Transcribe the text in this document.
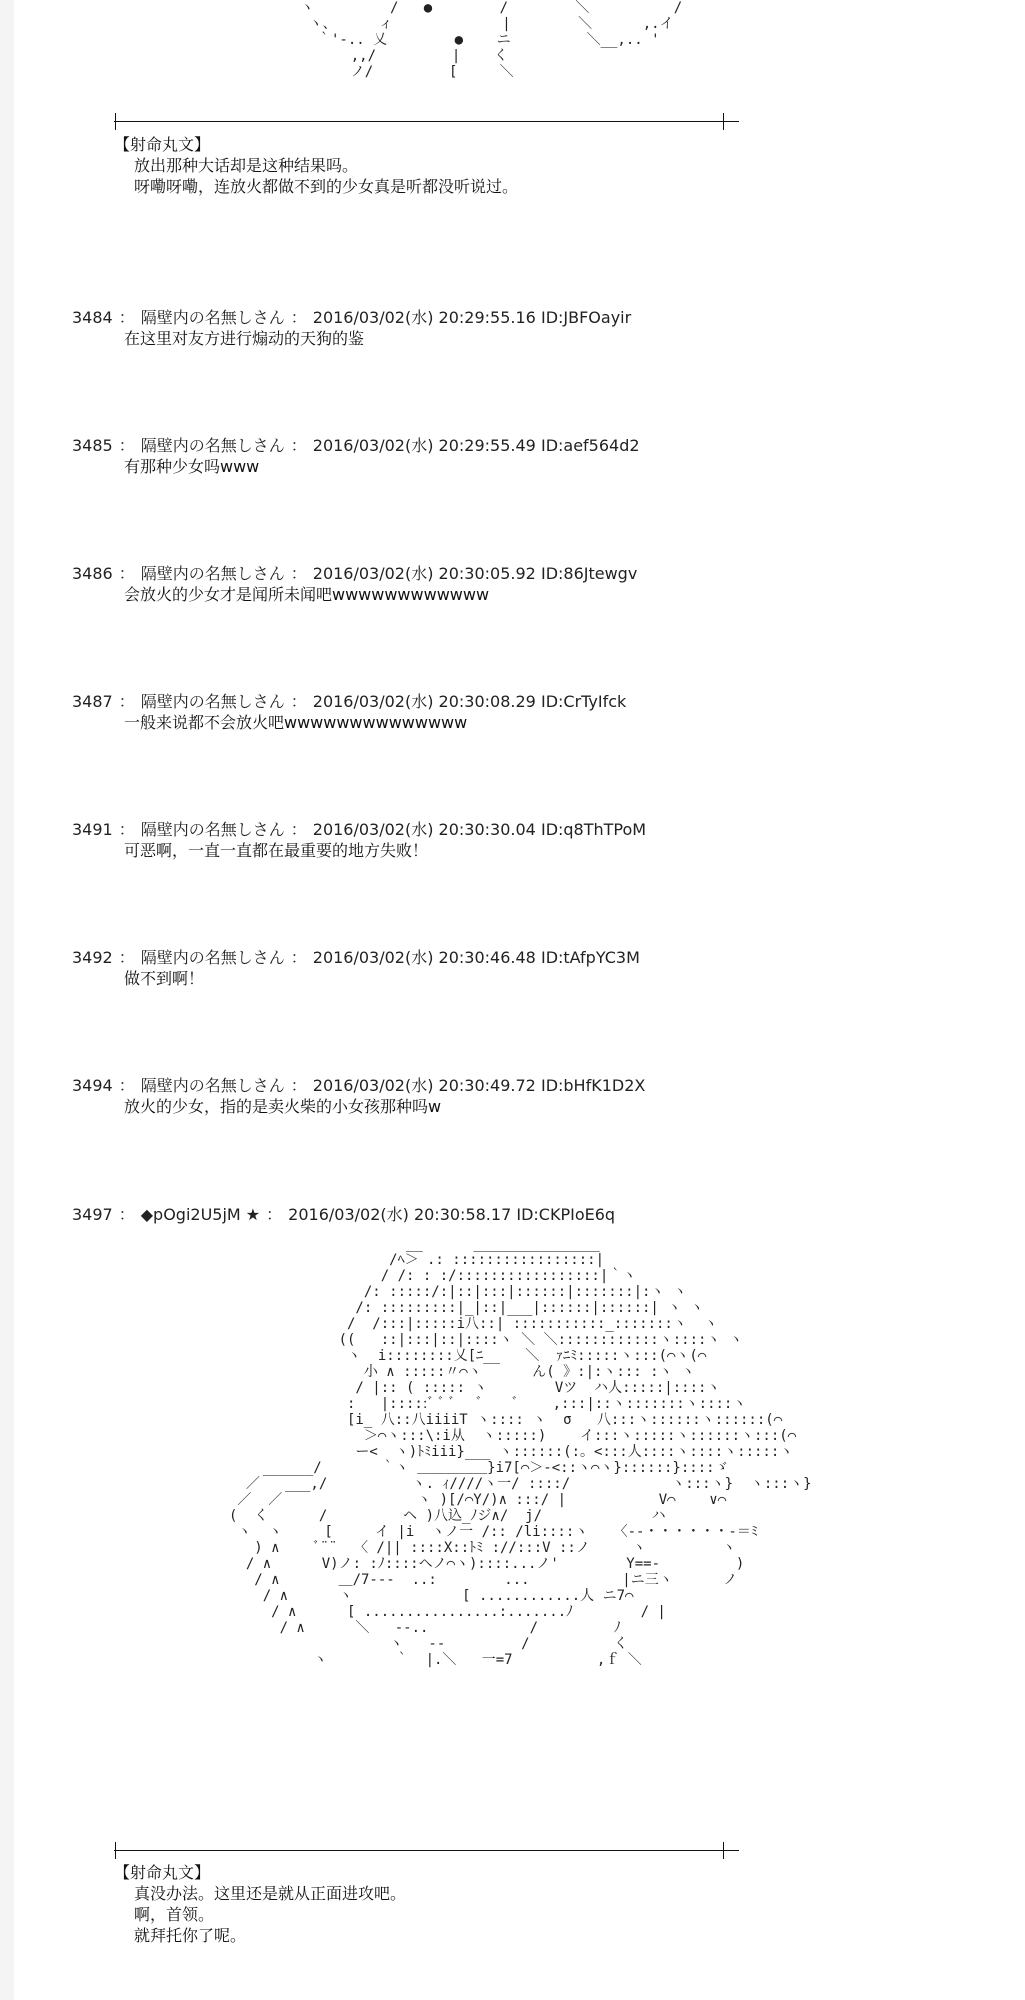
ヽ         /   ●        /        ＼          /
ヽ、     ィ             |        ＼      ,.イ
｀'‐.. 乂        ●    ニ         ＼__,.. '
,,/         |    く
ノ/         [     ＼
【射命丸文】
放出那种大话却是这种结果吗。
呀嘞呀嘞，连放火都做不到的少女真是听都没听说过。
3484 ： 隔壁内の名無しさん ： 2016/03/02(水) 20:29:55.16 ID:JBFOayir
在这里对友方进行煽动的天狗的鉴
3485 ： 隔壁内の名無しさん ： 2016/03/02(水) 20:29:55.49 ID:aef564d2
有那种少女吗www
3486 ： 隔壁内の名無しさん ： 2016/03/02(水) 20:30:05.92 ID:86Jtewgv
会放火的少女才是闻所未闻吧wwwwwwwwwwww
3487 ： 隔壁内の名無しさん ： 2016/03/02(水) 20:30:08.29 ID:CrTyIfck
一般来说都不会放火吧wwwwwwwwwwwwww
3491 ： 隔壁内の名無しさん ： 2016/03/02(水) 20:30:30.04 ID:q8ThTPoM
可恶啊，一直一直都在最重要的地方失败！
3492 ： 隔壁内の名無しさん ： 2016/03/02(水) 20:30:46.48 ID:tAfpYC3M
做不到啊！
3494 ： 隔壁内の名無しさん ： 2016/03/02(水) 20:30:49.72 ID:bHfK1D2X
放火的少女，指的是卖火柴的小女孩那种吗w
3497 ： ◆pOgi2U5jM ★ ： 2016/03/02(水) 20:30:58.17 ID:CKPIoE6q
__      _______________
/ﾍ＞ .: :::::::::::::::::|
/ /: : :/:::::::::::::::::|｀ヽ
/: :::::/:|::|:::|::::::|:::::::|:ヽ ヽ
/: :::::::::|_|::|___|::::::|::::::| ヽ ヽ
/  /:::|:::::i八::| :::::::::::_:::::::ヽ  ヽ
((   ::|:::|::|::::ヽ ＼ ＼::::::::::::ヽ::::ヽ ヽ
ヽ  i::::::::乂[ﾆ__   ＼  ｧﾆﾐ:::::ヽ:::(⌒ヽ(⌒
小 ∧ :::::〃⌒ヽ      ん( 》:|:ヽ::: :ヽ ヽ
/ |:: ( ::::: ヽ        Vツ  ハ人:::::|::::ヽ
:   |:::::ﾞ ﾞ ﾞ   ﾞ    ﾞ    ,:::|::ヽ:::::::ヽ::::ヽ
[i_ 八::八iiiiT ヽ:::: ヽ  σ   八:::ヽ::::::ヽ::::::(⌒
＞⌒ヽ:::\:i从  ヽ:::::)    イ:::ヽ:::::ヽ::::::ヽ:::(⌒
ー<  ヽ)ﾄﾐiii}___ ヽ::::::(:。<:::人::::ヽ::::ヽ:::::ヽ
______/       ｀ヽ ＿＿＿＿＿}i7[⌒＞‐<::ヽ⌒ヽ}::::::}::::ゞ
／   ___,/          ヽ. ｨ////ヽ一/ ::::/            ヽ:::ヽ}  ヽ:::ヽ}
／  ／                ヽ )[/⌒Y/)∧ :::/ |           V⌒    ∨⌒
(  く      /         ヘ )八込_ﾉジ∧/  j/             ハ
ヽ  ヽ     [     イ |i  ヽノ一 /:: /li::::ヽ   〈‐-・・・・・・‐＝ﾐ
) ∧    ﾞ¨¨  〈 /|| ::::X::ﾄﾐ ://:::V ::ノ     ヽ         ヽ
/ ∧      V)ノ: :ﾉ::::ヘノ⌒ヽ)::::...ノ'        Y==-         )
/ ∧       ＿/7‐‐‐  ..:        ...           |ニ三ヽ      ノ
/ ∧      ヽ             [ ............人 ニ7⌒
/ ∧      [ ................:.......ﾉ        / |
/ ∧      ＼   ‐‐..            /         ﾉ
ヽ   ‐‐         /          く
ヽ        ｀  |.＼   一=7          ,ｆ ＼
【射命丸文】
真没办法。这里还是就从正面进攻吧。
啊，首领。
就拜托你了呢。
